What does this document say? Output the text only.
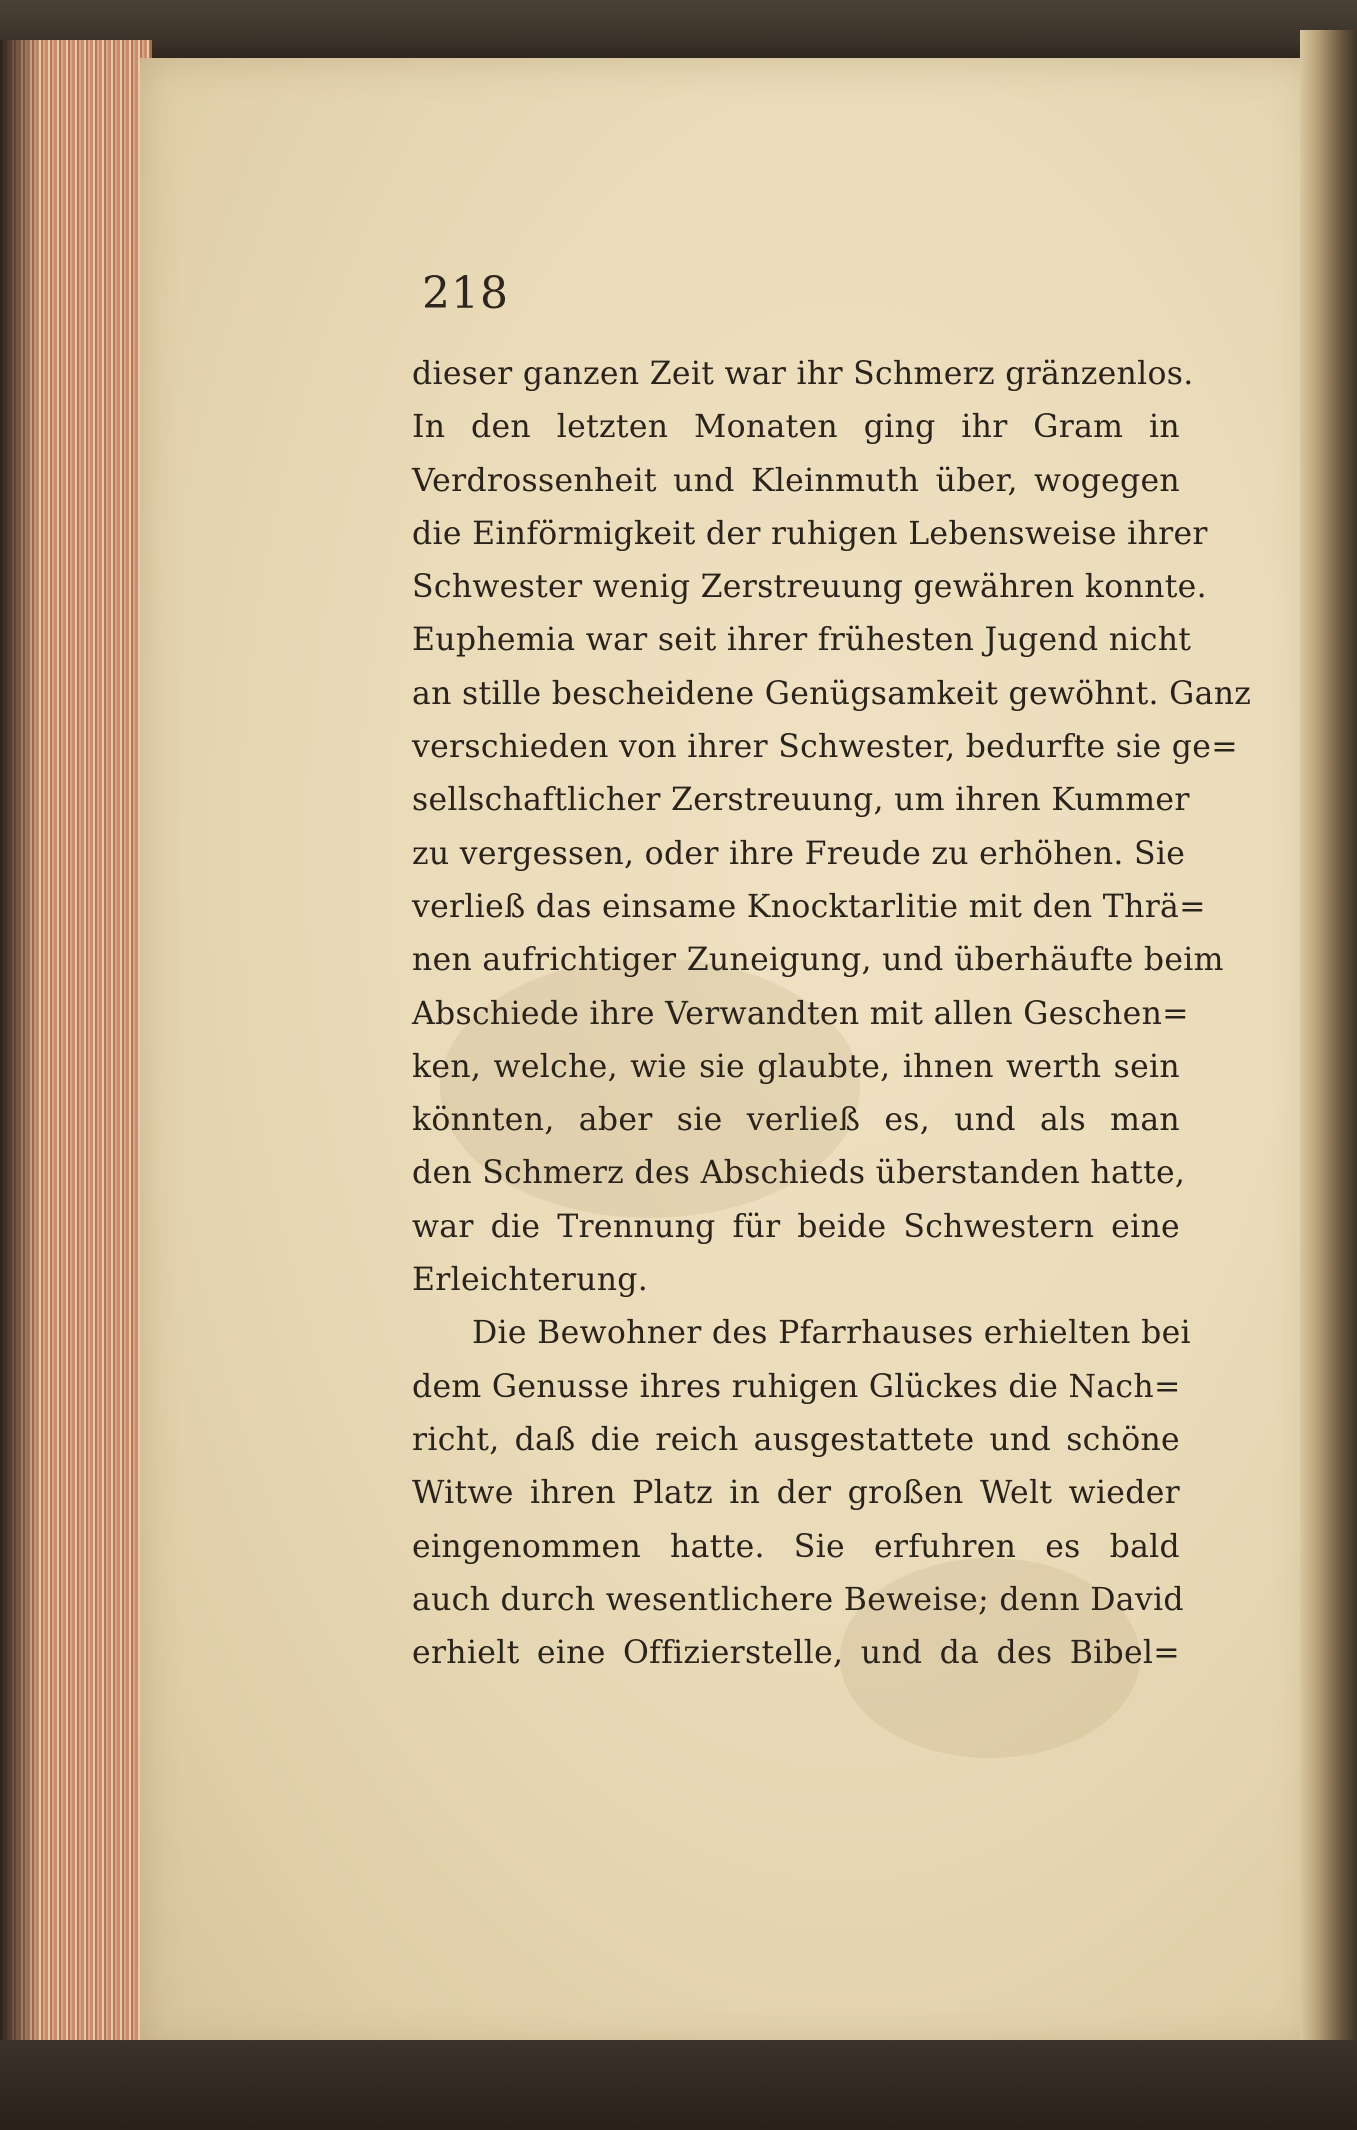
218
dieser ganzen Zeit war ihr Schmerz gränzenlos.
In den letzten Monaten ging ihr Gram in
Verdrossenheit und Kleinmuth über, wogegen
die Einförmigkeit der ruhigen Lebensweise ihrer
Schwester wenig Zerstreuung gewähren konnte.
Euphemia war seit ihrer frühesten Jugend nicht
an stille bescheidene Genügsamkeit gewöhnt. Ganz
verschieden von ihrer Schwester, bedurfte sie ge=
sellschaftlicher Zerstreuung, um ihren Kummer
zu vergessen, oder ihre Freude zu erhöhen. Sie
verließ das einsame Knocktarlitie mit den Thrä=
nen aufrichtiger Zuneigung, und überhäufte beim
Abschiede ihre Verwandten mit allen Geschen=
ken, welche, wie sie glaubte, ihnen werth sein
könnten, aber sie verließ es, und als man
den Schmerz des Abschieds überstanden hatte,
war die Trennung für beide Schwestern eine
Erleichterung.
Die Bewohner des Pfarrhauses erhielten bei
dem Genusse ihres ruhigen Glückes die Nach=
richt, daß die reich ausgestattete und schöne
Witwe ihren Platz in der großen Welt wieder
eingenommen hatte. Sie erfuhren es bald
auch durch wesentlichere Beweise; denn David
erhielt eine Offizierstelle, und da des Bibel=
